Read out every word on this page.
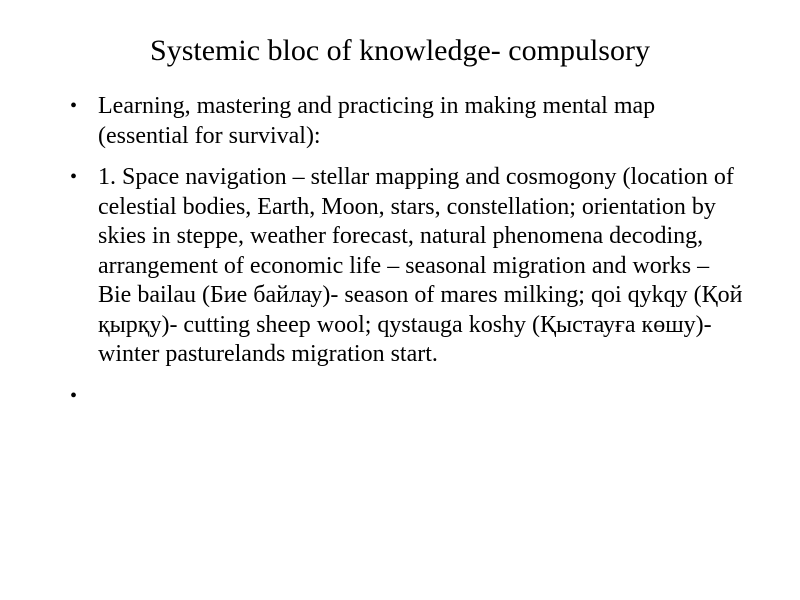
Systemic bloc of knowledge- compulsory
• Learning, mastering and practicing in making mental map (essential for survival):
• 1. Space navigation – stellar mapping and cosmogony (location of celestial bodies, Earth, Moon, stars, constellation; orientation by skies in steppe, weather forecast, natural phenomena decoding, arrangement of economic life – seasonal migration and works – Bie bailau (Бие байлау)- season of mares milking; qoi qykqy (Қой қырқу)- cutting sheep wool; qystauga koshy (Қыстауға көшу)- winter pasturelands migration start.
•
